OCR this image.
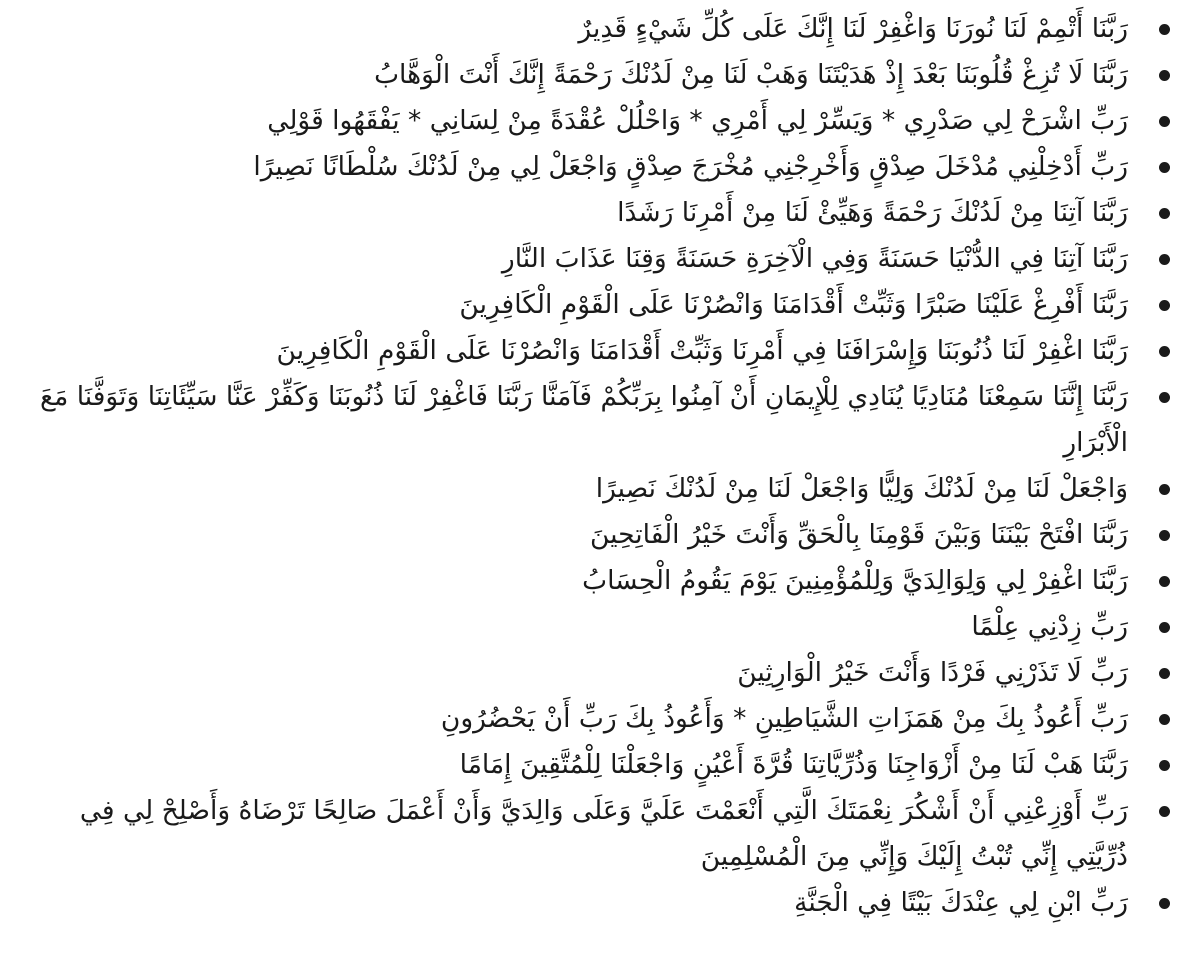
رَبَّنَا أَتْمِمْ لَنَا نُورَنَا وَاغْفِرْ لَنَا إِنَّكَ عَلَى كُلِّ شَيْءٍ قَدِيرٌ
رَبَّنَا لَا تُزِغْ قُلُوبَنَا بَعْدَ إِذْ هَدَيْتَنَا وَهَبْ لَنَا مِنْ لَدُنْكَ رَحْمَةً إِنَّكَ أَنْتَ الْوَهَّابُ
رَبِّ اشْرَحْ لِي صَدْرِي * وَيَسِّرْ لِي أَمْرِي * وَاحْلُلْ عُقْدَةً مِنْ لِسَانِي * يَفْقَهُوا قَوْلِي
رَبِّ أَدْخِلْنِي مُدْخَلَ صِدْقٍ وَأَخْرِجْنِي مُخْرَجَ صِدْقٍ وَاجْعَلْ لِي مِنْ لَدُنْكَ سُلْطَانًا نَصِيرًا
رَبَّنَا آتِنَا مِنْ لَدُنْكَ رَحْمَةً وَهَيِّئْ لَنَا مِنْ أَمْرِنَا رَشَدًا
رَبَّنَا آتِنَا فِي الدُّنْيَا حَسَنَةً وَفِي الْآخِرَةِ حَسَنَةً وَقِنَا عَذَابَ النَّارِ
رَبَّنَا أَفْرِغْ عَلَيْنَا صَبْرًا وَثَبِّتْ أَقْدَامَنَا وَانْصُرْنَا عَلَى الْقَوْمِ الْكَافِرِينَ
رَبَّنَا اغْفِرْ لَنَا ذُنُوبَنَا وَإِسْرَافَنَا فِي أَمْرِنَا وَثَبِّتْ أَقْدَامَنَا وَانْصُرْنَا عَلَى الْقَوْمِ الْكَافِرِينَ
رَبَّنَا إِنَّنَا سَمِعْنَا مُنَادِيًا يُنَادِي لِلْإِيمَانِ أَنْ آمِنُوا بِرَبِّكُمْ فَآمَنَّا رَبَّنَا فَاغْفِرْ لَنَا ذُنُوبَنَا وَكَفِّرْ عَنَّا سَيِّئَاتِنَا وَتَوَفَّنَا مَعَ الْأَبْرَارِ
وَاجْعَلْ لَنَا مِنْ لَدُنْكَ وَلِيًّا وَاجْعَلْ لَنَا مِنْ لَدُنْكَ نَصِيرًا
رَبَّنَا افْتَحْ بَيْنَنَا وَبَيْنَ قَوْمِنَا بِالْحَقِّ وَأَنْتَ خَيْرُ الْفَاتِحِينَ
رَبَّنَا اغْفِرْ لِي وَلِوَالِدَيَّ وَلِلْمُؤْمِنِينَ يَوْمَ يَقُومُ الْحِسَابُ
رَبِّ زِدْنِي عِلْمًا
رَبِّ لَا تَذَرْنِي فَرْدًا وَأَنْتَ خَيْرُ الْوَارِثِينَ
رَبِّ أَعُوذُ بِكَ مِنْ هَمَزَاتِ الشَّيَاطِينِ * وَأَعُوذُ بِكَ رَبِّ أَنْ يَحْضُرُونِ
رَبَّنَا هَبْ لَنَا مِنْ أَزْوَاجِنَا وَذُرِّيَّاتِنَا قُرَّةَ أَعْيُنٍ وَاجْعَلْنَا لِلْمُتَّقِينَ إِمَامًا
رَبِّ أَوْزِعْنِي أَنْ أَشْكُرَ نِعْمَتَكَ الَّتِي أَنْعَمْتَ عَلَيَّ وَعَلَى وَالِدَيَّ وَأَنْ أَعْمَلَ صَالِحًا تَرْضَاهُ وَأَصْلِحْ لِي فِي ذُرِّيَّتِي إِنِّي تُبْتُ إِلَيْكَ وَإِنِّي مِنَ الْمُسْلِمِينَ
رَبِّ ابْنِ لِي عِنْدَكَ بَيْتًا فِي الْجَنَّةِ
